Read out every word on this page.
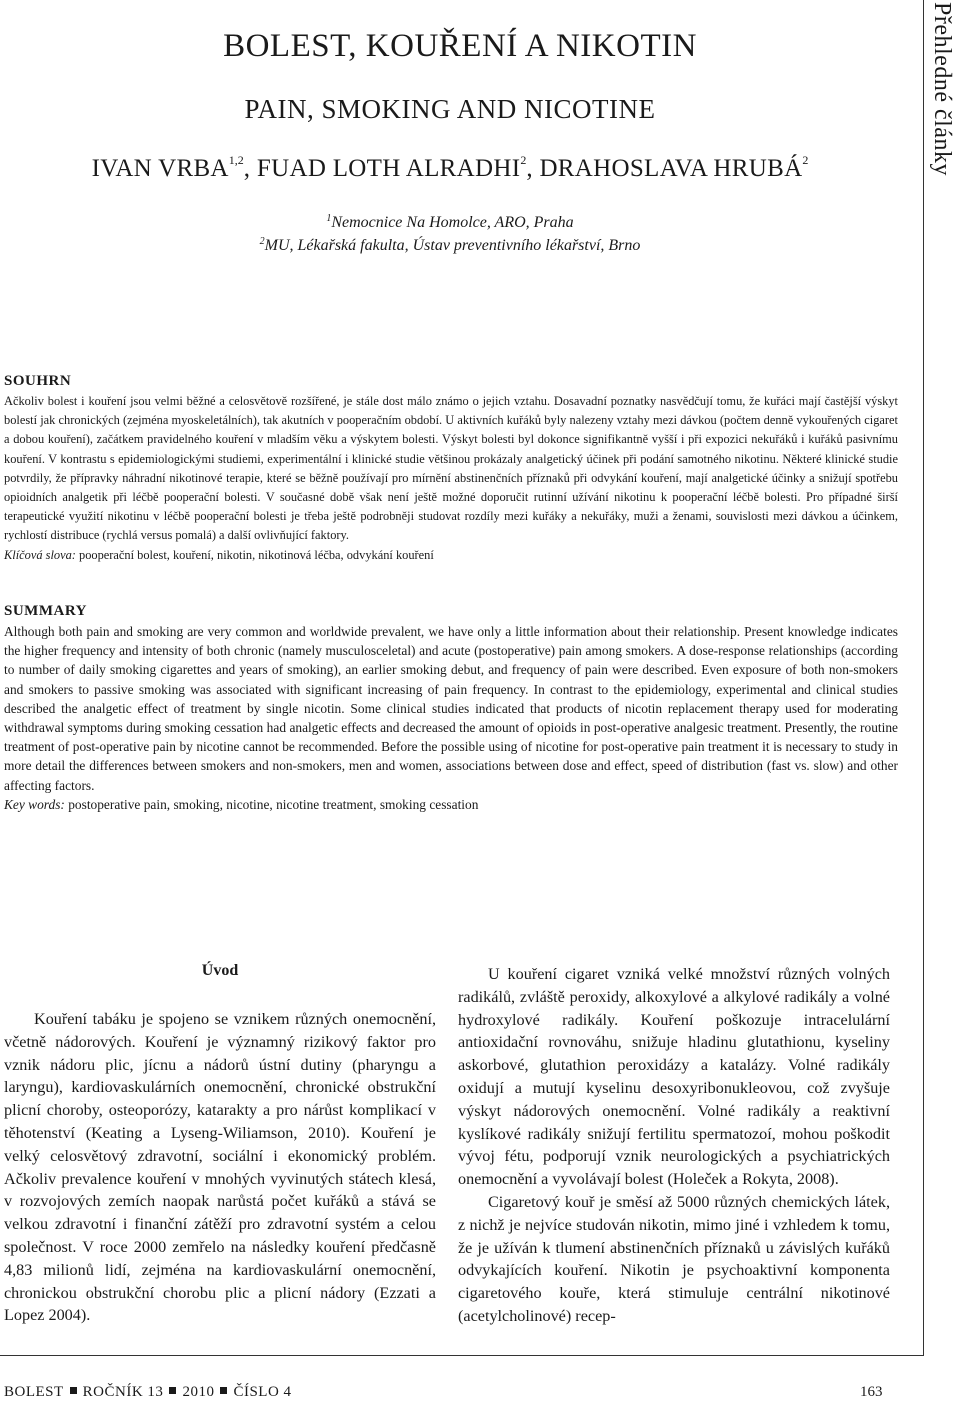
BOLEST, KOUŘENÍ A NIKOTIN
PAIN, SMOKING AND NICOTINE
IVAN VRBA$^{1,2}$, FUAD LOTH ALRADHI$^2$, DRAHOSLAVA HRUBÁ$^2$
$^1$Nemocnice Na Homolce, ARO, Praha
$^2$MU, Lékařská fakulta, Ústav preventivního lékařství, Brno
Přehledné články
SOUHRN
Ačkoliv bolest i kouření jsou velmi běžné a celosvětově rozšířené, je stále dost málo známo o jejich vztahu. Dosavadní poznatky nasvědčují tomu, že kuřáci mají častější výskyt bolestí jak chronických (zejména myoskeletálních), tak akutních v pooperačním období. U aktivních kuřáků byly nalezeny vztahy mezi dávkou (počtem denně vykouřených cigaret a dobou kouření), začátkem pravidelného kouření v mladším věku a výskytem bolesti. Výskyt bolesti byl dokonce signifikantně vyšší i při expozici nekuřáků i kuřáků pasivnímu kouření. V kontrastu s epidemiologickými studiemi, experimentální i klinické studie většinou prokázaly analgetický účinek při podání samotného nikotinu. Některé klinické studie potvrdily, že přípravky náhradní nikotinové terapie, které se běžně používají pro mírnění abstinenčních příznaků při odvykání kouření, mají analgetické účinky a snižují spotřebu opioidních analgetik při léčbě pooperační bolesti. V současné době však není ještě možné doporučit rutinní užívání nikotinu k pooperační léčbě bolesti. Pro případné širší terapeutické využití nikotinu v léčbě pooperační bolesti je třeba ještě podrobněji studovat rozdíly mezi kuřáky a nekuřáky, muži a ženami, souvislosti mezi dávkou a účinkem, rychlostí distribuce (rychlá versus pomalá) a další ovlivňující faktory.
Klíčová slova: pooperační bolest, kouření, nikotin, nikotinová léčba, odvykání kouření
SUMMARY
Although both pain and smoking are very common and worldwide prevalent, we have only a little information about their relationship. Present knowledge indicates the higher frequency and intensity of both chronic (namely musculosceletal) and acute (postoperative) pain among smokers. A dose-response relationships (according to number of daily smoking cigarettes and years of smoking), an earlier smoking debut, and frequency of pain were described. Even exposure of both non-smokers and smokers to passive smoking was associated with significant increasing of pain frequency. In contrast to the epidemiology, experimental and clinical studies described the analgetic effect of treatment by single nicotin. Some clinical studies indicated that products of nicotin replacement therapy used for moderating withdrawal symptoms during smoking cessation had analgetic effects and decreased the amount of opioids in post-operative analgesic treatment. Presently, the routine treatment of post-operative pain by nicotine cannot be recommended. Before the possible using of nicotine for post-operative pain treatment it is necessary to study in more detail the differences between smokers and non-smokers, men and women, associations between dose and effect, speed of distribution (fast vs. slow) and other affecting factors.
Key words: postoperative pain, smoking, nicotine, nicotine treatment, smoking cessation
Úvod

Kouření tabáku je spojeno se vznikem různých onemocnění, včetně nádorových. Kouření je významný rizikový faktor pro vznik nádoru plic, jícnu a nádorů ústní dutiny (pharyngu a laryngu), kardiovaskulárních onemocnění, chronické obstrukční plicní choroby, osteoporózy, katarakty a pro nárůst komplikací v těhotenství (Keating a Lyseng-Wiliamson, 2010). Kouření je velký celosvětový zdravotní, sociální i ekonomický problém. Ačkoliv prevalence kouření v mnohých vyvinutých státech klesá, v rozvojových zemích naopak narůstá počet kuřáků a stává se velkou zdravotní i finanční zátěží pro zdravotní systém a celou společnost. V roce 2000 zemřelo na následky kouření předčasně 4,83 milionů lidí, zejména na kardiovaskulární onemocnění, chronickou obstrukční chorobu plic a plicní nádory (Ezzati a Lopez 2004).

U kouření cigaret vzniká velké množství různých volných radikálů, zvláště peroxidy, alkoxylové a alkylové radikály a volné hydroxylové radikály. Kouření poškozuje intracelulární antioxidační rovnováhu, snižuje hladinu glutathionu, kyseliny askorbové, glutathion peroxidázy a katalázy. Volné radikály oxidují a mutují kyselinu desoxyribonukleovou, což zvyšuje výskyt nádorových onemocnění. Volné radikály a reaktivní kyslíkové radikály snižují fertilitu spermatozoí, mohou poškodit vývoj fétu, podporují vznik neurologických a psychiatrických onemocnění a vyvolávají bolest (Holeček a Rokyta, 2008).

Cigaretový kouř je směsí až 5000 různých chemických látek, z nichž je nejvíce studován nikotin, mimo jiné i vzhledem k tomu, že je užíván k tlumení abstinenčních příznaků u závislých kuřáků odvykajících kouření. Nikotin je psychoaktivní komponenta cigaretového kouře, která stimuluje centrální nikotinové (acetylcholinové) recep-

BOLEST ROČNÍK 13 2010 ČÍSLO 4	163
